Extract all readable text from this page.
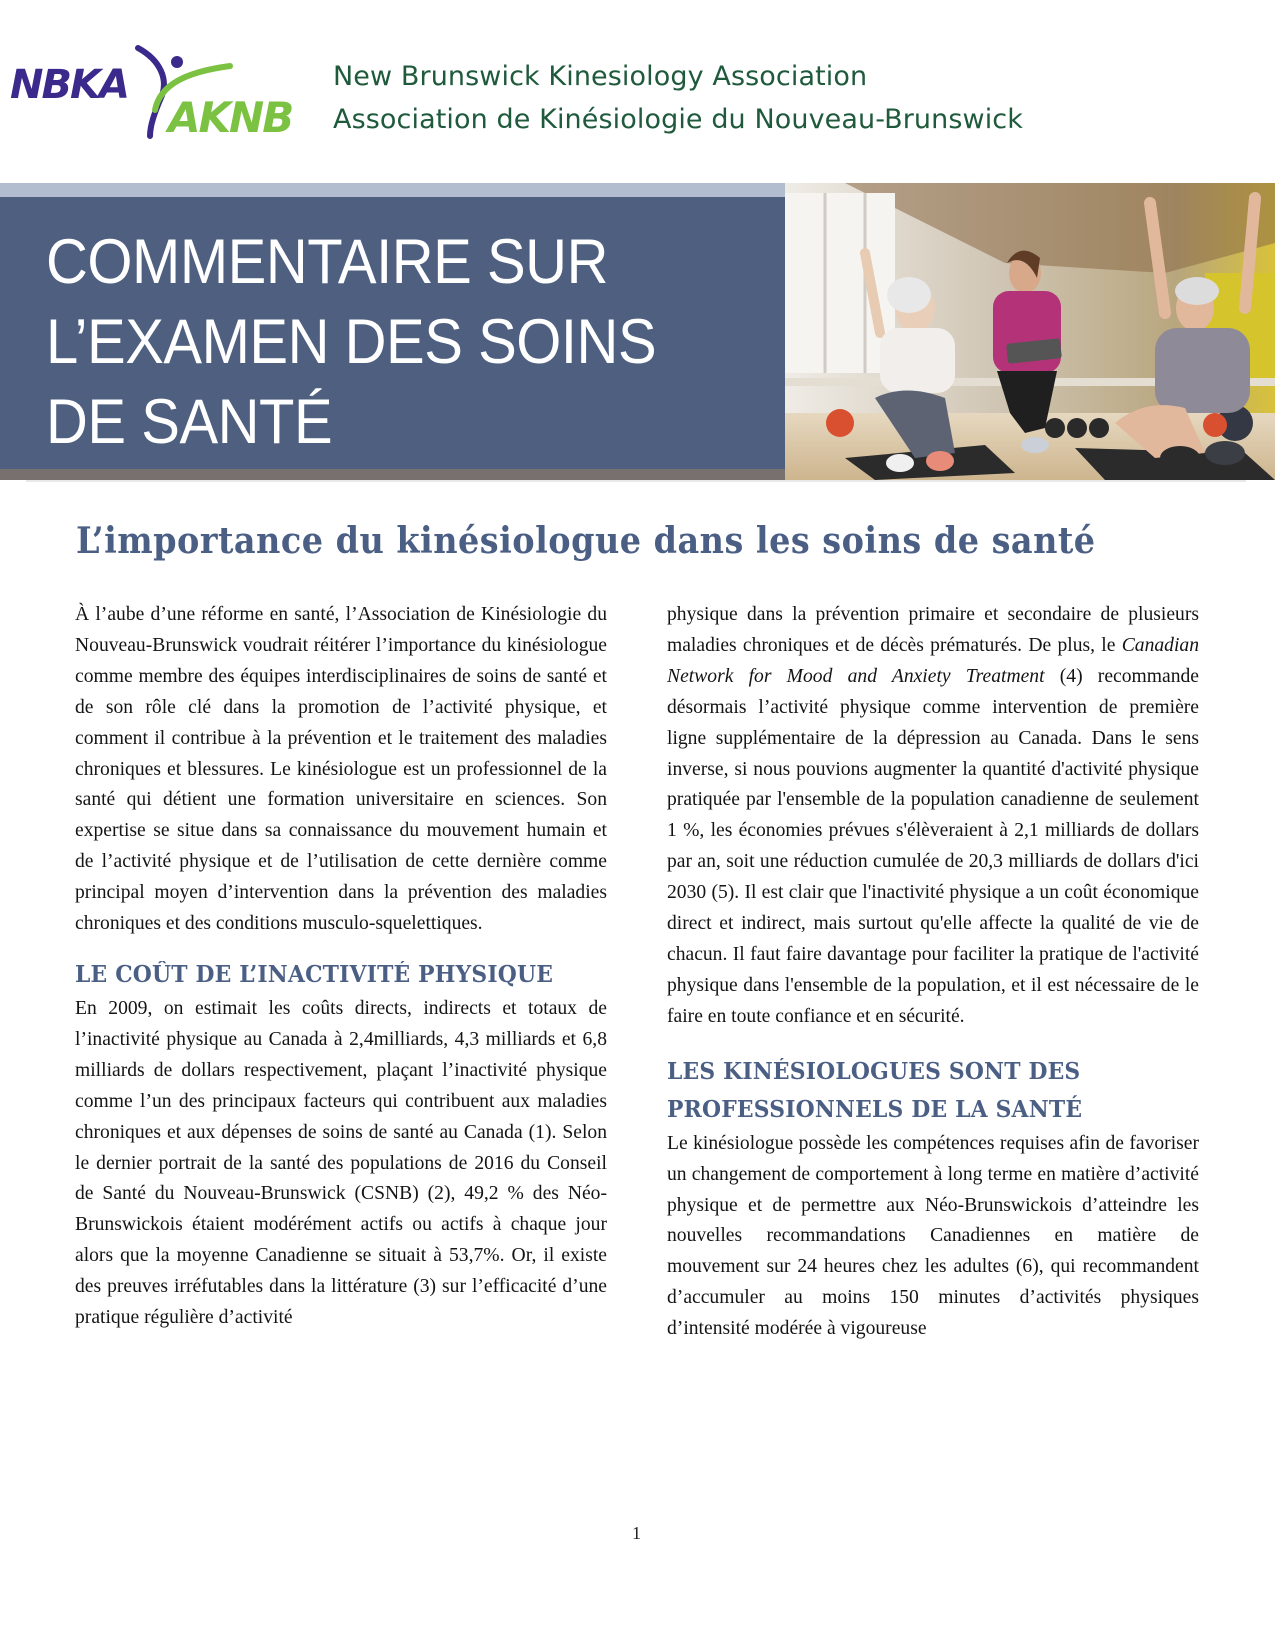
NBKA
AKNB
New Brunswick Kinesiology Association
Association de Kinésiologie du Nouveau-Brunswick
COMMENTAIRE SUR
L’EXAMEN DES SOINS
DE SANTÉ
L’importance du kinésiologue dans les soins de santé

À l’aube d’une réforme en santé, l’Association de Kinésiologie du Nouveau-Brunswick voudrait réitérer l’importance du kinésiologue comme membre des équipes interdisciplinaires de soins de santé et de son rôle clé dans la promotion de l’activité physique, et comment il contribue à la prévention et le traitement des maladies chroniques et blessures. Le kinésiologue est un professionnel de la santé qui détient une formation universitaire en sciences. Son expertise se situe dans sa connaissance du mouvement humain et de l’activité physique et de l’utilisation de cette dernière comme principal moyen d’intervention dans la prévention des maladies chroniques et des conditions musculo-squelettiques.

LE COÛT DE L’INACTIVITÉ PHYSIQUE

En 2009, on estimait les coûts directs, indirects et totaux de l’inactivité physique au Canada à 2,4milliards, 4,3 milliards et 6,8 milliards de dollars respectivement, plaçant l’inactivité physique comme l’un des principaux facteurs qui contribuent aux maladies chroniques et aux dépenses de soins de santé au Canada (1). Selon le dernier portrait de la santé des populations de 2016 du Conseil de Santé du Nouveau-Brunswick (CSNB) (2), 49,2 % des Néo-Brunswickois étaient modérément actifs ou actifs à chaque jour alors que la moyenne Canadienne se situait à 53,7%. Or, il existe des preuves irréfutables dans la littérature (3) sur l’efficacité d’une pratique régulière d’activité

physique dans la prévention primaire et secondaire de plusieurs maladies chroniques et de décès prématurés. De plus, le Canadian Network for Mood and Anxiety Treatment (4) recommande désormais l’activité physique comme intervention de première ligne supplémentaire de la dépression au Canada. Dans le sens inverse, si nous pouvions augmenter la quantité d'activité physique pratiquée par l'ensemble de la population canadienne de seulement 1 %, les économies prévues s'élèveraient à 2,1 milliards de dollars par an, soit une réduction cumulée de 20,3 milliards de dollars d'ici 2030 (5). Il est clair que l'inactivité physique a un coût économique direct et indirect, mais surtout qu'elle affecte la qualité de vie de chacun. Il faut faire davantage pour faciliter la pratique de l'activité physique dans l'ensemble de la population, et il est nécessaire de le faire en toute confiance et en sécurité.

LES KINÉSIOLOGUES SONT DES PROFESSIONNELS DE LA SANTÉ

Le kinésiologue possède les compétences requises afin de favoriser un changement de comportement à long terme en matière d’activité physique et de permettre aux Néo-Brunswickois d’atteindre les nouvelles recommandations Canadiennes en matière de mouvement sur 24 heures chez les adultes (6), qui recommandent d’accumuler au moins 150 minutes d’activités physiques d’intensité modérée à vigoureuse

1
